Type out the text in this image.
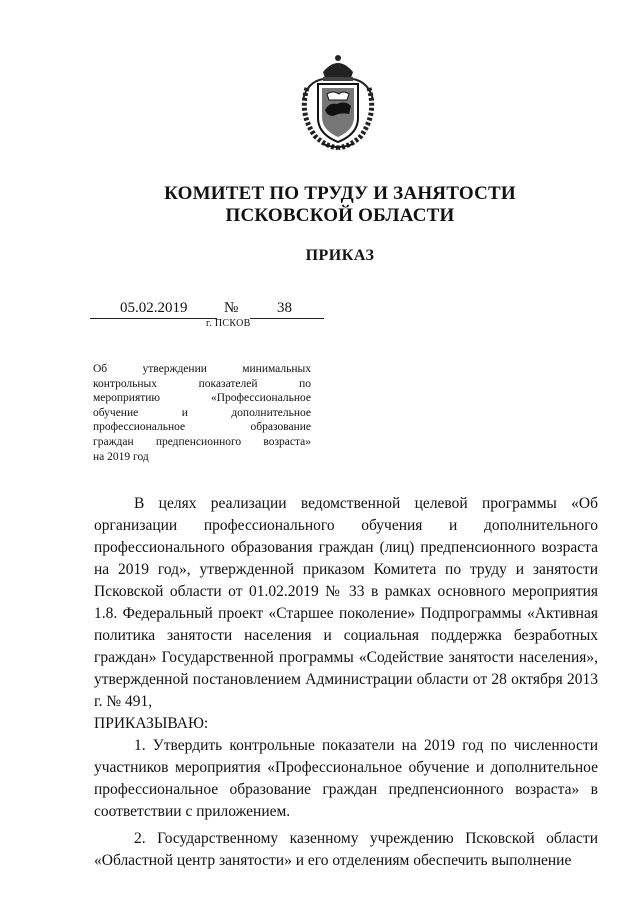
КОМИТЕТ ПО ТРУДУ И ЗАНЯТОСТИ
ПСКОВСКОЙ ОБЛАСТИ
ПРИКАЗ
05.02.2019 №	38
г. ПСКОВ
Об утверждении минимальных
контрольных показателей по
мероприятию «Профессиональное
обучение и дополнительное
профессиональное образование
граждан предпенсионного возраста»
на 2019 год

В целях реализации ведомственной целевой программы «Об организации профессионального обучения и дополнительного профессионального образования граждан (лиц) предпенсионного возраста на 2019 год», утвержденной приказом Комитета по труду и занятости Псковской области от 01.02.2019 № 33 в рамках основного мероприятия 1.8. Федеральный проект «Старшее поколение» Подпрограммы «Активная политика занятости населения и социальная поддержка безработных граждан» Государственной программы «Содействие занятости населения», утвержденной постановлением Администрации области от 28 октября 2013 г. № 491,

ПРИКАЗЫВАЮ:

1. Утвердить контрольные показатели на 2019 год по численности участников мероприятия «Профессиональное обучение и дополнительное профессиональное образование граждан предпенсионного возраста» в соответствии с приложением.

2. Государственному казенному учреждению Псковской области «Областной центр занятости» и его отделениям обеспечить выполнение
